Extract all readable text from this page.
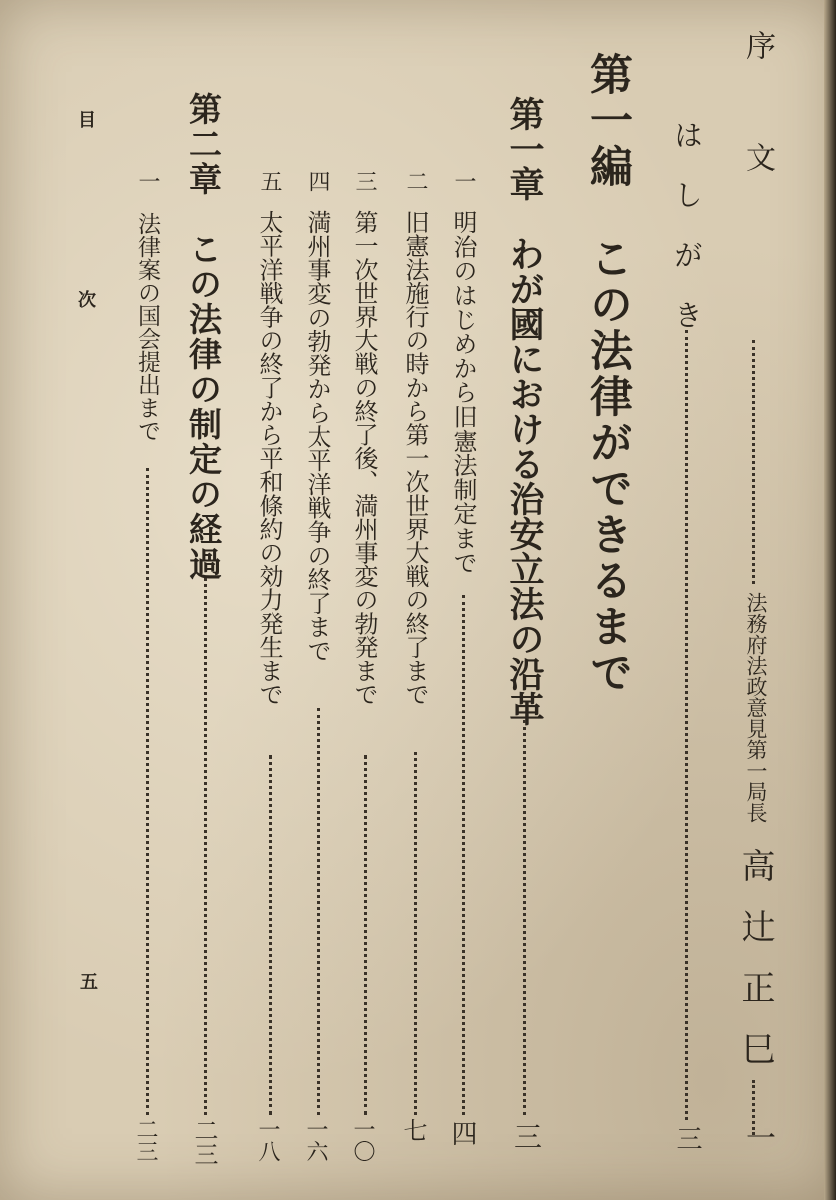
序　文
法務府法政意見第一局長
高辻正巳
一
はしがき
三
第一編　この法律ができるまで
第一章　わが國における治安立法の沿革
三
一
明治のはじめから旧憲法制定まで
四
二
旧憲法施行の時から第一次世界大戦の終了まで
七
三
第一次世界大戦の終了後、満州事変の勃発まで
一〇
四
満州事変の勃発から太平洋戦争の終了まで
一六
五
太平洋戦争の終了から平和條約の効力発生まで
一八
第二章　この法律の制定の経過
二三
一
法律案の国会提出まで
二三
目　次
五
